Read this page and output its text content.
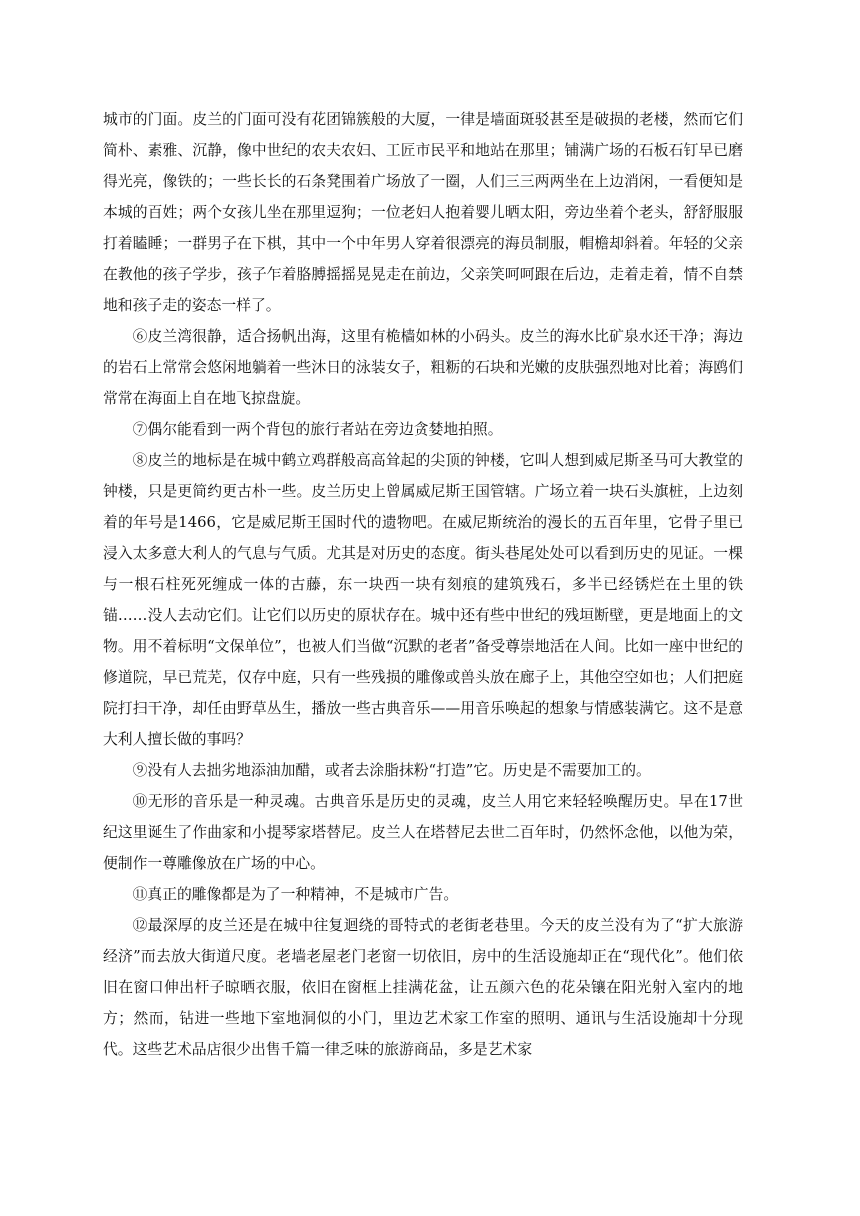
城市的门面。皮兰的门面可没有花团锦簇般的大厦，一律是墙面斑驳甚至是破损的老楼，然而它们简朴、素雅、沉静，像中世纪的农夫农妇、工匠市民平和地站在那里；铺满广场的石板石钉早已磨得光亮，像铁的；一些长长的石条凳围着广场放了一圈，人们三三两两坐在上边消闲，一看便知是本城的百姓；两个女孩儿坐在那里逗狗；一位老妇人抱着婴儿晒太阳，旁边坐着个老头，舒舒服服打着瞌睡；一群男子在下棋，其中一个中年男人穿着很漂亮的海员制服，帽檐却斜着。年轻的父亲在教他的孩子学步，孩子乍着胳膊摇摇晃晃走在前边，父亲笑呵呵跟在后边，走着走着，情不自禁地和孩子走的姿态一样了。

⑥皮兰湾很静，适合扬帆出海，这里有桅樯如林的小码头。皮兰的海水比矿泉水还干净；海边的岩石上常常会悠闲地躺着一些沐日的泳装女子，粗粝的石块和光嫩的皮肤强烈地对比着；海鸥们常常在海面上自在地飞掠盘旋。

⑦偶尔能看到一两个背包的旅行者站在旁边贪婪地拍照。

⑧皮兰的地标是在城中鹤立鸡群般高高耸起的尖顶的钟楼，它叫人想到威尼斯圣马可大教堂的钟楼，只是更简约更古朴一些。皮兰历史上曾属威尼斯王国管辖。广场立着一块石头旗桩，上边刻着的年号是1466，它是威尼斯王国时代的遗物吧。在威尼斯统治的漫长的五百年里，它骨子里已浸入太多意大利人的气息与气质。尤其是对历史的态度。街头巷尾处处可以看到历史的见证。一棵与一根石柱死死缠成一体的古藤，东一块西一块有刻痕的建筑残石，多半已经锈烂在土里的铁锚……没人去动它们。让它们以历史的原状存在。城中还有些中世纪的残垣断壁，更是地面上的文物。用不着标明“文保单位”，也被人们当做“沉默的老者”备受尊崇地活在人间。比如一座中世纪的修道院，早已荒芜，仅存中庭，只有一些残损的雕像或兽头放在廊子上，其他空空如也；人们把庭院打扫干净，却任由野草丛生，播放一些古典音乐——用音乐唤起的想象与情感装满它。这不是意大利人擅长做的事吗？

⑨没有人去拙劣地添油加醋，或者去涂脂抹粉“打造”它。历史是不需要加工的。

⑩无形的音乐是一种灵魂。古典音乐是历史的灵魂，皮兰人用它来轻轻唤醒历史。早在17世纪这里诞生了作曲家和小提琴家塔替尼。皮兰人在塔替尼去世二百年时，仍然怀念他，以他为荣，便制作一尊雕像放在广场的中心。

⑪真正的雕像都是为了一种精神，不是城市广告。

⑫最深厚的皮兰还是在城中往复迴绕的哥特式的老街老巷里。今天的皮兰没有为了“扩大旅游经济”而去放大街道尺度。老墙老屋老门老窗一切依旧，房中的生活设施却正在“现代化”。他们依旧在窗口伸出杆子晾晒衣服，依旧在窗框上挂满花盆，让五颜六色的花朵镶在阳光射入室内的地方；然而，钻进一些地下室地洞似的小门，里边艺术家工作室的照明、通讯与生活设施却十分现代。这些艺术品店很少出售千篇一律乏味的旅游商品，多是艺术家
